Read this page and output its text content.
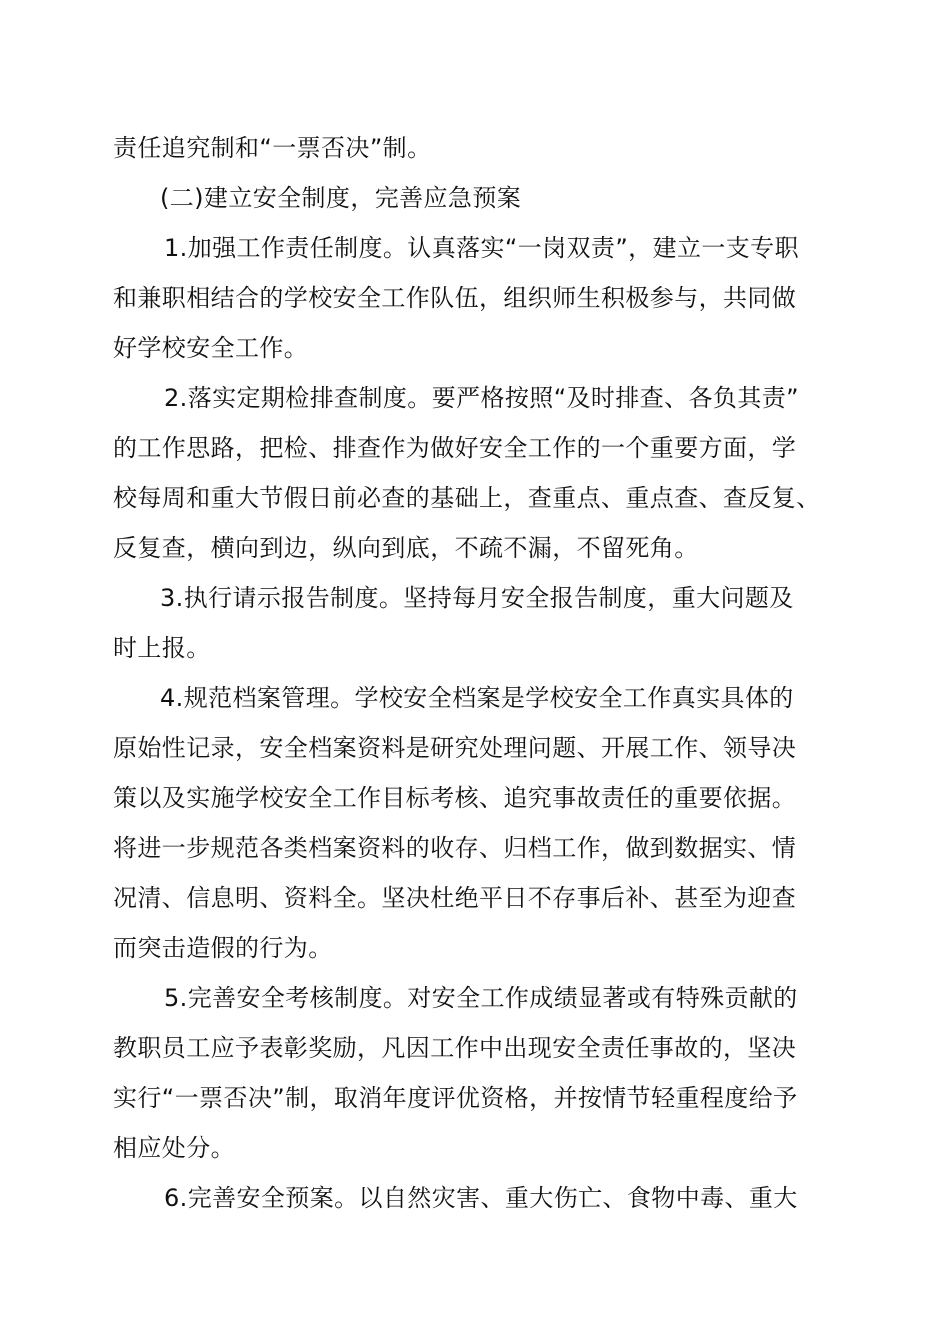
责任追究制和“一票否决”制。
(二)建立安全制度，完善应急预案
1.加强工作责任制度。认真落实“一岗双责”，建立一支专职
和兼职相结合的学校安全工作队伍，组织师生积极参与，共同做
好学校安全工作。
2.落实定期检排查制度。要严格按照“及时排查、各负其责”
的工作思路，把检、排查作为做好安全工作的一个重要方面，学
校每周和重大节假日前必查的基础上，查重点、重点查、查反复、
反复查，横向到边，纵向到底，不疏不漏，不留死角。
3.执行请示报告制度。坚持每月安全报告制度，重大问题及
时上报。
4.规范档案管理。学校安全档案是学校安全工作真实具体的
原始性记录，安全档案资料是研究处理问题、开展工作、领导决
策以及实施学校安全工作目标考核、追究事故责任的重要依据。
将进一步规范各类档案资料的收存、归档工作，做到数据实、情
况清、信息明、资料全。坚决杜绝平日不存事后补、甚至为迎查
而突击造假的行为。
5.完善安全考核制度。对安全工作成绩显著或有特殊贡献的
教职员工应予表彰奖励，凡因工作中出现安全责任事故的，坚决
实行“一票否决”制，取消年度评优资格，并按情节轻重程度给予
相应处分。
6.完善安全预案。以自然灾害、重大伤亡、食物中毒、重大
